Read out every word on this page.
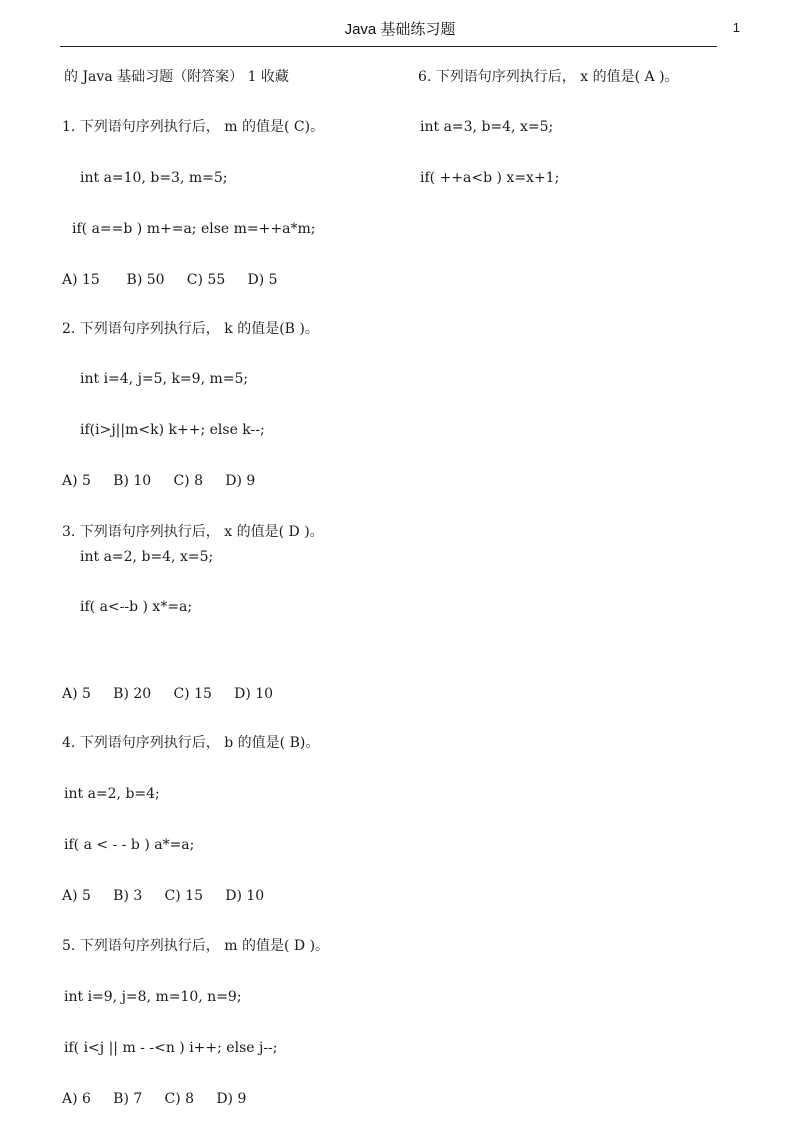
Java 基础练习题	1
的 Java 基础习题（附答案） 1 收藏
1. 下列语句序列执行后， m 的值是( C)。
int a=10, b=3, m=5;
if( a==b ) m+=a; else m=++a*m;
A) 15      B) 50     C) 55     D) 5
2. 下列语句序列执行后， k 的值是(B )。
int i=4, j=5, k=9, m=5;
if(i>j||m<k) k++; else k--;
A) 5     B) 10     C) 8     D) 9
3. 下列语句序列执行后， x 的值是( D )。
int a=2, b=4, x=5;
if( a<--b ) x*=a;
A) 5     B) 20     C) 15     D) 10
4. 下列语句序列执行后， b 的值是( B)。
int a=2, b=4;
if( a < - - b ) a*=a;
A) 5     B) 3     C) 15     D) 10
5. 下列语句序列执行后， m 的值是( D )。
int i=9, j=8, m=10, n=9;
if( i<j || m - -<n ) i++; else j--;
A) 6     B) 7     C) 8     D) 9
6. 下列语句序列执行后， x 的值是( A )。
int a=3, b=4, x=5;
if( ++a<b ) x=x+1;
